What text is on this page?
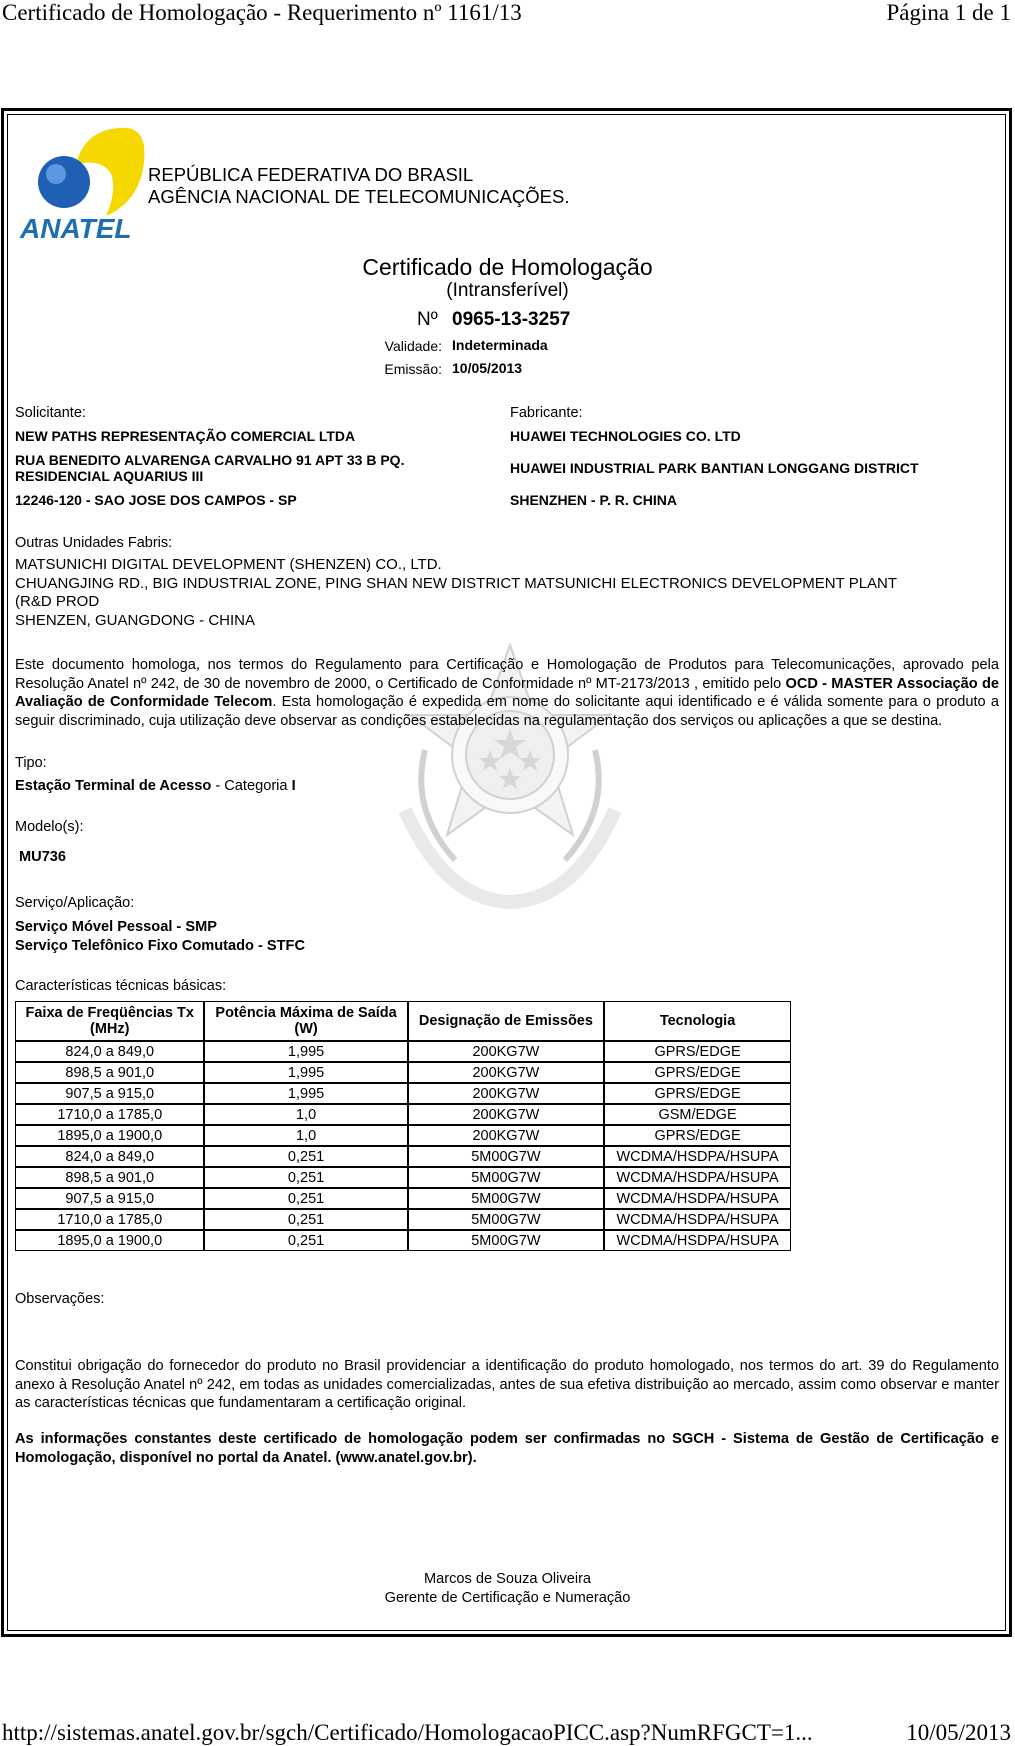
Certificado de Homologação - Requerimento nº 1161/13	Página 1 de 1
ANATEL
REPÚBLICA FEDERATIVA DO BRASIL
AGÊNCIA NACIONAL DE TELECOMUNICAÇÕES.
Certificado de Homologação
(Intransferível)
Nº 0965-13-3257
Validade: Indeterminada
Emissão: 10/05/2013
Solicitante:
NEW PATHS REPRESENTAÇÃO COMERCIAL LTDA
RUA BENEDITO ALVARENGA CARVALHO 91 APT 33 B PQ.
RESIDENCIAL AQUARIUS III
12246-120 - SAO JOSE DOS CAMPOS - SP
Fabricante:
HUAWEI TECHNOLOGIES CO. LTD
HUAWEI INDUSTRIAL PARK BANTIAN LONGGANG DISTRICT
SHENZHEN - P. R. CHINA
Outras Unidades Fabris:
MATSUNICHI DIGITAL DEVELOPMENT (SHENZEN) CO., LTD.
CHUANGJING RD., BIG INDUSTRIAL ZONE, PING SHAN NEW DISTRICT MATSUNICHI ELECTRONICS DEVELOPMENT PLANT
(R&D PROD
SHENZEN, GUANGDONG - CHINA
Este documento homologa, nos termos do Regulamento para Certificação e Homologação de Produtos para Telecomunicações, aprovado pela Resolução Anatel nº 242, de 30 de novembro de 2000, o Certificado de Conformidade nº MT-2173/2013 , emitido pelo OCD - MASTER Associação de Avaliação de Conformidade Telecom. Esta homologação é expedida em nome do solicitante aqui identificado e é válida somente para o produto a seguir discriminado, cuja utilização deve observar as condições estabelecidas na regulamentação dos serviços ou aplicações a que se destina.
Tipo:
Estação Terminal de Acesso - Categoria I
Modelo(s):
MU736
Serviço/Aplicação:
Serviço Móvel Pessoal - SMP
Serviço Telefônico Fixo Comutado - STFC
Características técnicas básicas:
Faixa de Freqüências Tx (MHz)	Potência Máxima de Saída (W)	Designação de Emissões	Tecnologia
824,0 a 849,0	1,995	200KG7W	GPRS/EDGE
898,5 a 901,0	1,995	200KG7W	GPRS/EDGE
907,5 a 915,0	1,995	200KG7W	GPRS/EDGE
1710,0 a 1785,0	1,0	200KG7W	GSM/EDGE
1895,0 a 1900,0	1,0	200KG7W	GPRS/EDGE
824,0 a 849,0	0,251	5M00G7W	WCDMA/HSDPA/HSUPA
898,5 a 901,0	0,251	5M00G7W	WCDMA/HSDPA/HSUPA
907,5 a 915,0	0,251	5M00G7W	WCDMA/HSDPA/HSUPA
1710,0 a 1785,0	0,251	5M00G7W	WCDMA/HSDPA/HSUPA
1895,0 a 1900,0	0,251	5M00G7W	WCDMA/HSDPA/HSUPA
Observações:
Constitui obrigação do fornecedor do produto no Brasil providenciar a identificação do produto homologado, nos termos do art. 39 do Regulamento anexo à Resolução Anatel nº 242, em todas as unidades comercializadas, antes de sua efetiva distribuição ao mercado, assim como observar e manter as características técnicas que fundamentaram a certificação original.
As informações constantes deste certificado de homologação podem ser confirmadas no SGCH - Sistema de Gestão de Certificação e Homologação, disponível no portal da Anatel. (www.anatel.gov.br).
Marcos de Souza Oliveira
Gerente de Certificação e Numeração
http://sistemas.anatel.gov.br/sgch/Certificado/HomologacaoPICC.asp?NumRFGCT=1...	10/05/2013
